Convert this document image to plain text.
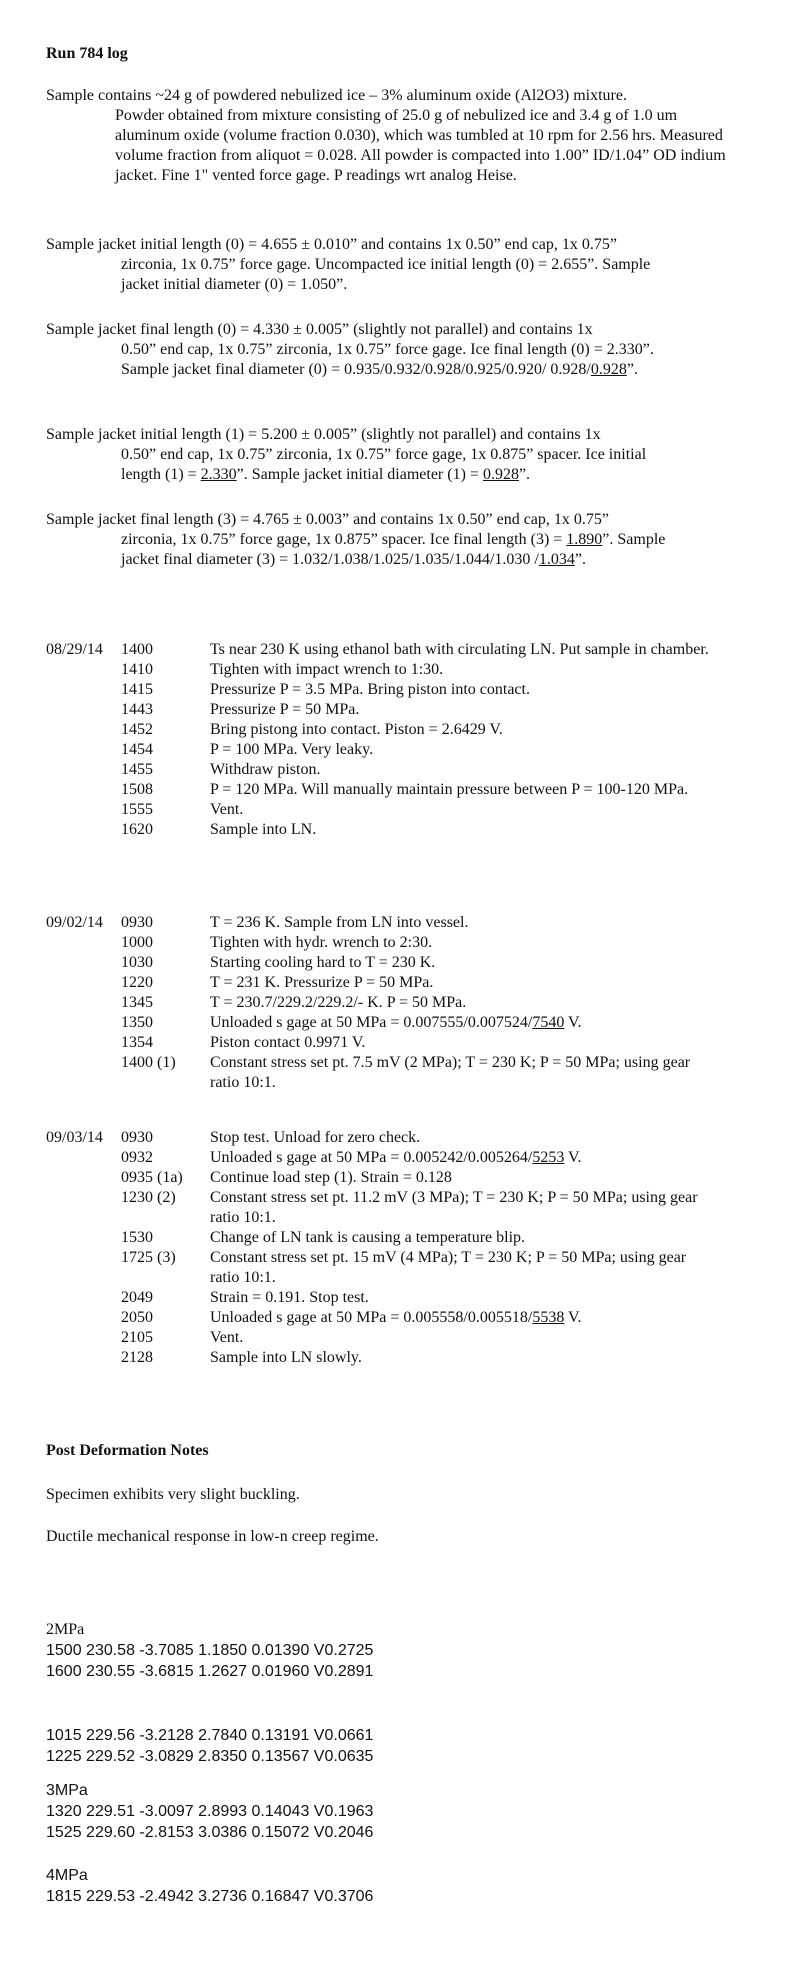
Run 784 log
Sample contains ~24 g of powdered nebulized ice – 3% aluminum oxide (Al2O3) mixture.
Powder obtained from mixture consisting of 25.0 g of nebulized ice and 3.4 g of 1.0 um aluminum oxide (volume fraction 0.030), which was tumbled at 10 rpm for 2.56 hrs. Measured volume fraction from aliquot = 0.028. All powder is compacted into 1.00” ID/1.04” OD indium jacket. Fine 1" vented force gage. P readings wrt analog Heise.
Sample jacket initial length (0) = 4.655 ± 0.010” and contains 1x 0.50” end cap, 1x 0.75”
zirconia, 1x 0.75” force gage. Uncompacted ice initial length (0) = 2.655”. Sample jacket initial diameter (0) = 1.050”.
Sample jacket final length (0) = 4.330 ± 0.005” (slightly not parallel) and contains 1x
0.50” end cap, 1x 0.75” zirconia, 1x 0.75” force gage. Ice final length (0) = 2.330”. Sample jacket final diameter (0) = 0.935/0.932/0.928/0.925/0.920/ 0.928/0.928”.
Sample jacket initial length (1) = 5.200 ± 0.005” (slightly not parallel) and contains 1x
0.50” end cap, 1x 0.75” zirconia, 1x 0.75” force gage, 1x 0.875” spacer. Ice initial length (1) = 2.330”. Sample jacket initial diameter (1) = 0.928”.
Sample jacket final length (3) = 4.765 ± 0.003” and contains 1x 0.50” end cap, 1x 0.75”
zirconia, 1x 0.75” force gage, 1x 0.875” spacer. Ice final length (3) = 1.890”. Sample jacket final diameter (3) = 1.032/1.038/1.025/1.035/1.044/1.030 /1.034”.
08/29/14	1400	Ts near 230 K using ethanol bath with circulating LN. Put sample in chamber.
1410	Tighten with impact wrench to 1:30.
1415	Pressurize P = 3.5 MPa. Bring piston into contact.
1443	Pressurize P = 50 MPa.
1452	Bring pistong into contact. Piston = 2.6429 V.
1454	P = 100 MPa. Very leaky.
1455	Withdraw piston.
1508	P = 120 MPa. Will manually maintain pressure between P = 100-120 MPa.
1555	Vent.
1620	Sample into LN.
09/02/14	0930	T = 236 K. Sample from LN into vessel.
1000	Tighten with hydr. wrench to 2:30.
1030	Starting cooling hard to T = 230 K.
1220	T = 231 K. Pressurize P = 50 MPa.
1345	T = 230.7/229.2/229.2/- K. P = 50 MPa.
1350	Unloaded s gage at 50 MPa = 0.007555/0.007524/7540 V.
1354	Piston contact 0.9971 V.
1400 (1)	Constant stress set pt. 7.5 mV (2 MPa); T = 230 K; P = 50 MPa; using gear ratio 10:1.
09/03/14	0930	Stop test. Unload for zero check.
0932	Unloaded s gage at 50 MPa = 0.005242/0.005264/5253 V.
0935 (1a)	Continue load step (1). Strain = 0.128
1230 (2)	Constant stress set pt. 11.2 mV (3 MPa); T = 230 K; P = 50 MPa; using gear ratio 10:1.
1530	Change of LN tank is causing a temperature blip.
1725 (3)	Constant stress set pt. 15 mV (4 MPa); T = 230 K; P = 50 MPa; using gear ratio 10:1.
2049	Strain = 0.191. Stop test.
2050	Unloaded s gage at 50 MPa = 0.005558/0.005518/5538 V.
2105	Vent.
2128	Sample into LN slowly.
Post Deformation Notes
Specimen exhibits very slight buckling.
Ductile mechanical response in low-n creep regime.
2MPa
1500 230.58 -3.7085 1.1850 0.01390 V0.2725
1600 230.55 -3.6815 1.2627 0.01960 V0.2891
1015 229.56 -3.2128 2.7840 0.13191 V0.0661
1225 229.52 -3.0829 2.8350 0.13567 V0.0635
3MPa
1320 229.51 -3.0097 2.8993 0.14043 V0.1963
1525 229.60 -2.8153 3.0386 0.15072 V0.2046
4MPa
1815 229.53 -2.4942 3.2736 0.16847 V0.3706
